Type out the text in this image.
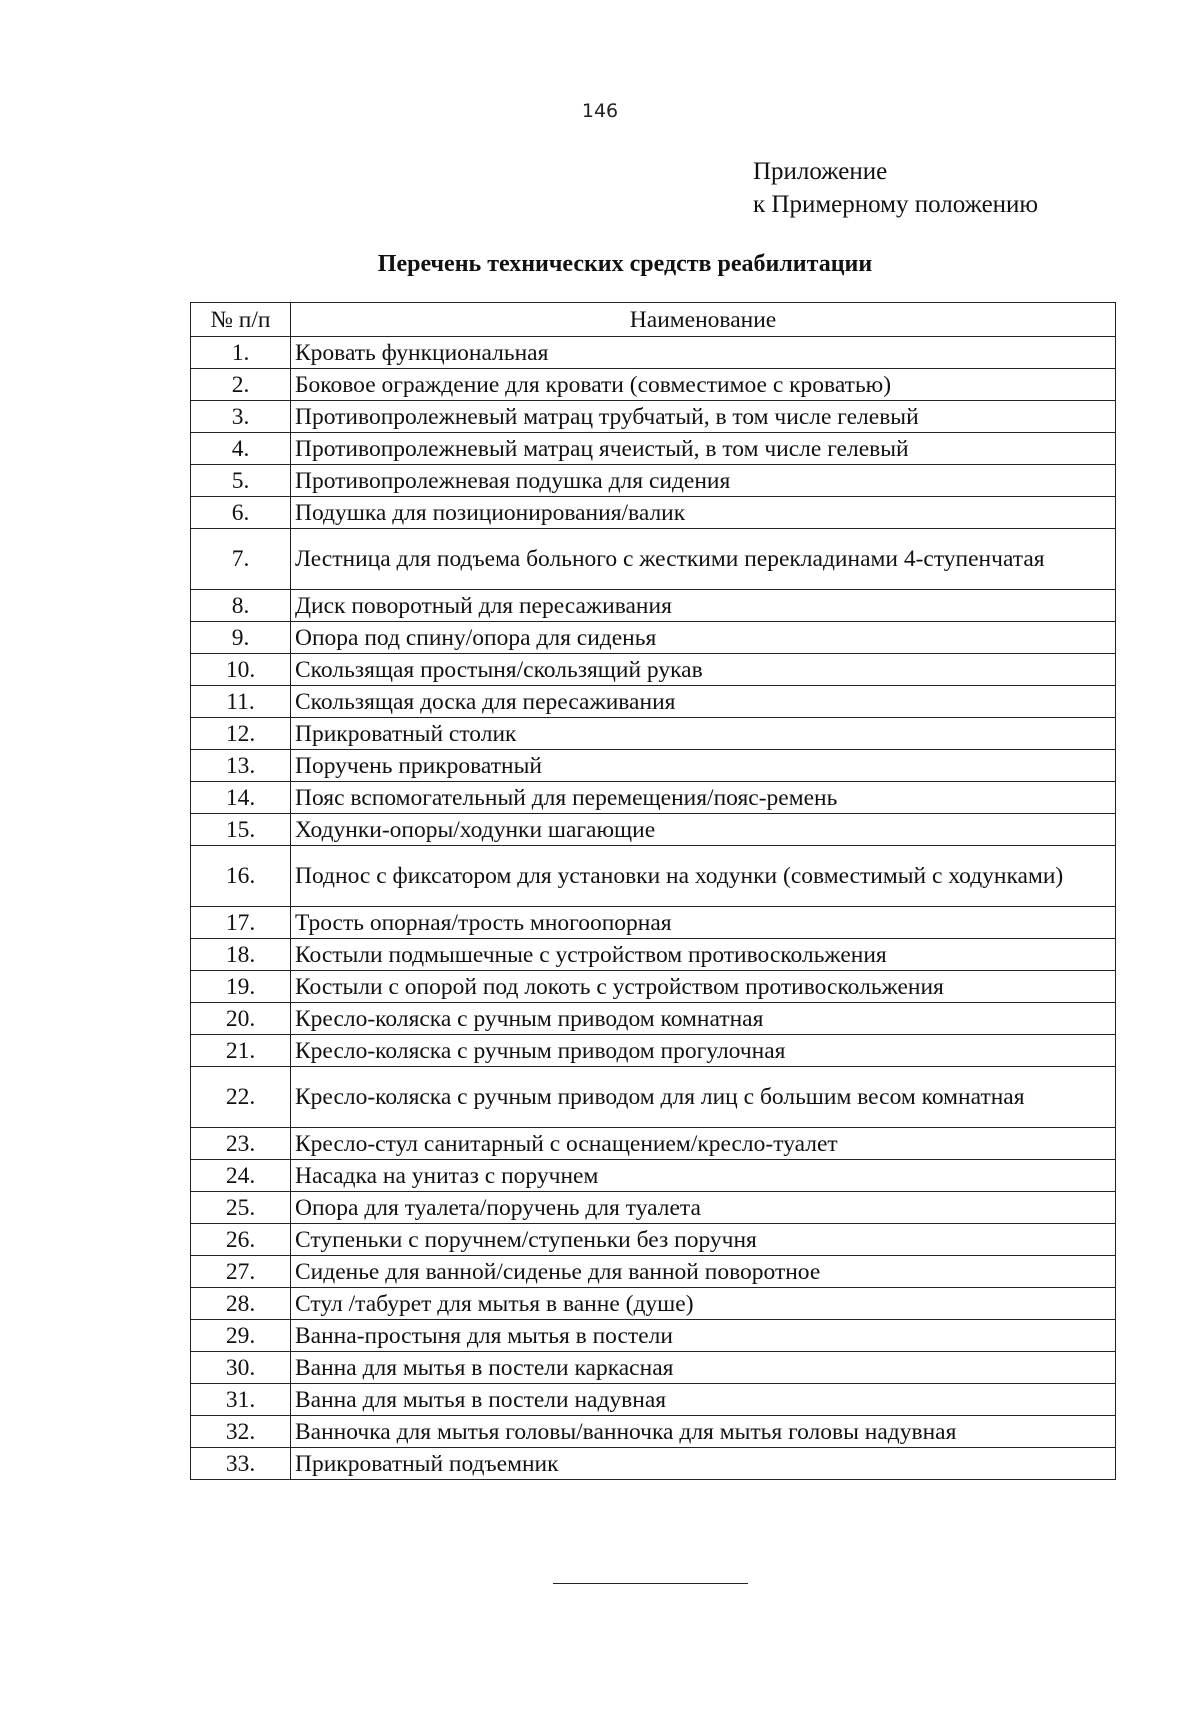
146
Приложение
к Примерному положению
Перечень технических средств реабилитации
№ п/п	Наименование
1.	Кровать функциональная
2.	Боковое ограждение для кровати (совместимое с кроватью)
3.	Противопролежневый матрац трубчатый, в том числе гелевый
4.	Противопролежневый матрац ячеистый, в том числе гелевый
5.	Противопролежневая подушка для сидения
6.	Подушка для позиционирования/валик
7.	Лестница для подъема больного с жесткими перекладинами 4-ступенчатая
8.	Диск поворотный для пересаживания
9.	Опора под спину/опора для сиденья
10.	Скользящая простыня/скользящий рукав
11.	Скользящая доска для пересаживания
12.	Прикроватный столик
13.	Поручень прикроватный
14.	Пояс вспомогательный для перемещения/пояс-ремень
15.	Ходунки-опоры/ходунки шагающие
16.	Поднос с фиксатором для установки на ходунки (совместимый с ходунками)
17.	Трость опорная/трость многоопорная
18.	Костыли подмышечные с устройством противоскольжения
19.	Костыли с опорой под локоть с устройством противоскольжения
20.	Кресло-коляска с ручным приводом комнатная
21.	Кресло-коляска с ручным приводом прогулочная
22.	Кресло-коляска с ручным приводом для лиц с большим весом комнатная
23.	Кресло-стул санитарный с оснащением/кресло-туалет
24.	Насадка на унитаз с поручнем
25.	Опора для туалета/поручень для туалета
26.	Ступеньки с поручнем/ступеньки без поручня
27.	Сиденье для ванной/сиденье для ванной поворотное
28.	Стул /табурет для мытья в ванне (душе)
29.	Ванна-простыня для мытья в постели
30.	Ванна для мытья в постели каркасная
31.	Ванна для мытья в постели надувная
32.	Ванночка для мытья головы/ванночка для мытья головы надувная
33.	Прикроватный подъемник
